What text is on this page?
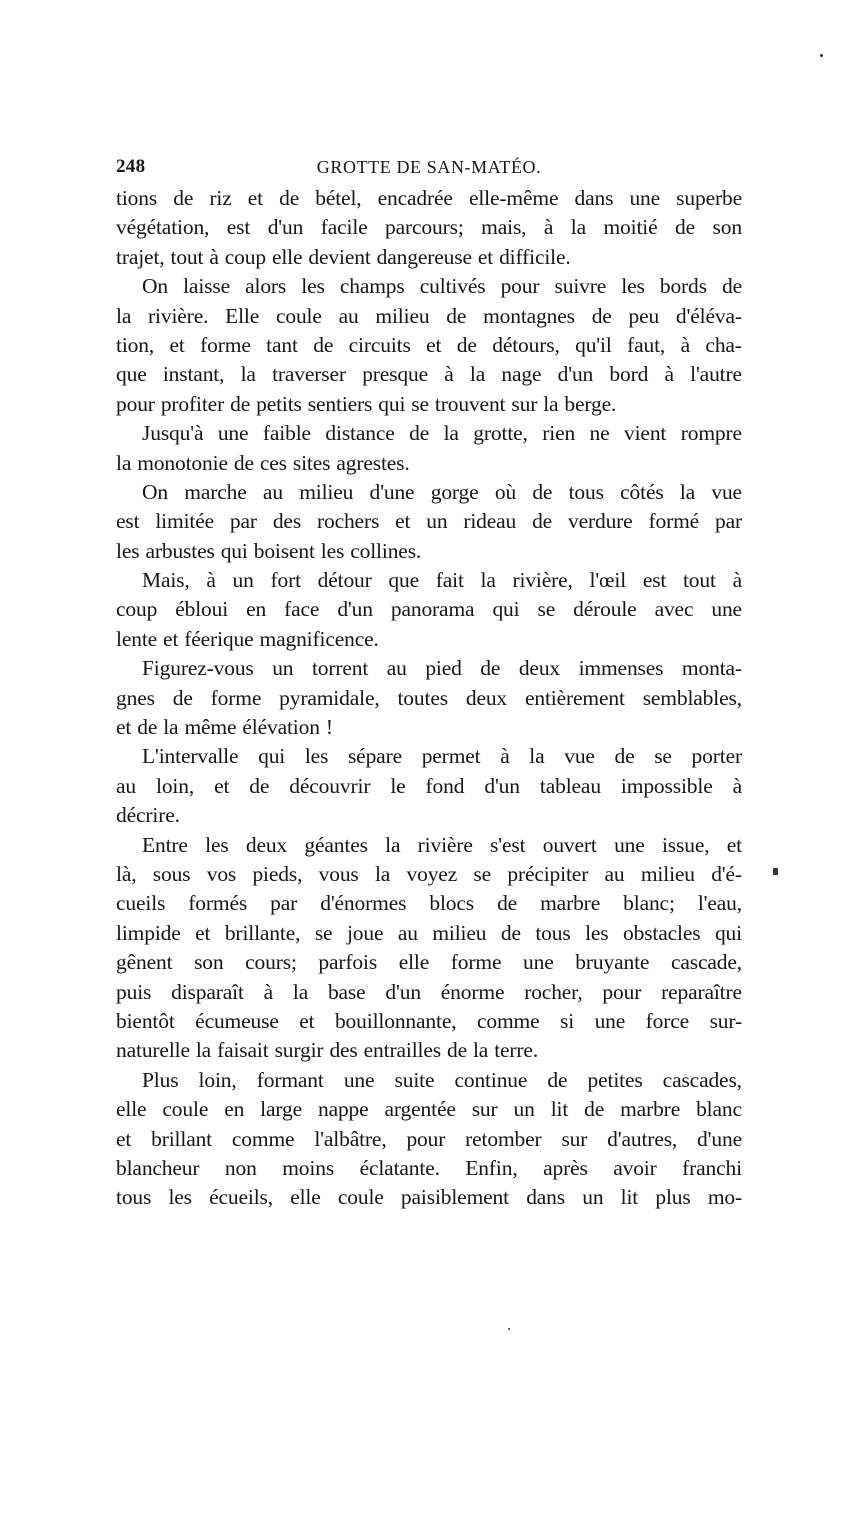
248	GROTTE DE SAN-MATÉO.
tions de riz et de bétel, encadrée elle-même dans une superbe
végétation, est d'un facile parcours; mais, à la moitié de son
trajet, tout à coup elle devient dangereuse et difficile.
On laisse alors les champs cultivés pour suivre les bords de
la rivière. Elle coule au milieu de montagnes de peu d'éléva-
tion, et forme tant de circuits et de détours, qu'il faut, à cha-
que instant, la traverser presque à la nage d'un bord à l'autre
pour profiter de petits sentiers qui se trouvent sur la berge.
Jusqu'à une faible distance de la grotte, rien ne vient rompre
la monotonie de ces sites agrestes.
On marche au milieu d'une gorge où de tous côtés la vue
est limitée par des rochers et un rideau de verdure formé par
les arbustes qui boisent les collines.
Mais, à un fort détour que fait la rivière, l'œil est tout à
coup ébloui en face d'un panorama qui se déroule avec une
lente et féerique magnificence.
Figurez-vous un torrent au pied de deux immenses monta-
gnes de forme pyramidale, toutes deux entièrement semblables,
et de la même élévation !
L'intervalle qui les sépare permet à la vue de se porter
au loin, et de découvrir le fond d'un tableau impossible à
décrire.
Entre les deux géantes la rivière s'est ouvert une issue, et
là, sous vos pieds, vous la voyez se précipiter au milieu d'é-
cueils formés par d'énormes blocs de marbre blanc; l'eau,
limpide et brillante, se joue au milieu de tous les obstacles qui
gênent son cours; parfois elle forme une bruyante cascade,
puis disparaît à la base d'un énorme rocher, pour reparaître
bientôt écumeuse et bouillonnante, comme si une force sur-
naturelle la faisait surgir des entrailles de la terre.
Plus loin, formant une suite continue de petites cascades,
elle coule en large nappe argentée sur un lit de marbre blanc
et brillant comme l'albâtre, pour retomber sur d'autres, d'une
blancheur non moins éclatante. Enfin, après avoir franchi
tous les écueils, elle coule paisiblement dans un lit plus mo-
